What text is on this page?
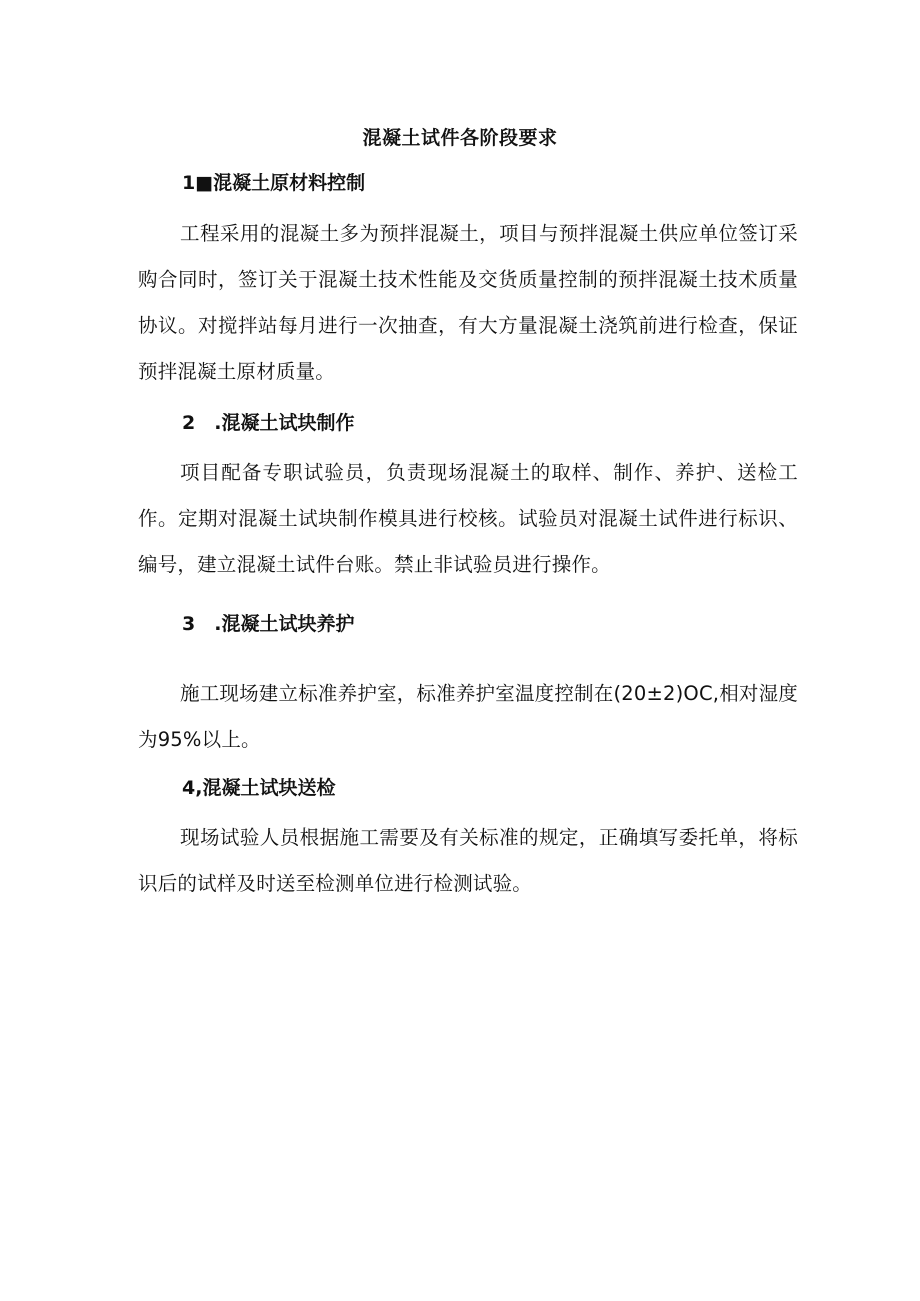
混凝土试件各阶段要求
1■混凝土原材料控制
工程采用的混凝土多为预拌混凝土，项目与预拌混凝土供应单位签订采购合同时，签订关于混凝土技术性能及交货质量控制的预拌混凝土技术质量协议。对搅拌站每月进行一次抽查，有大方量混凝土浇筑前进行检查，保证预拌混凝土原材质量。
2　.混凝土试块制作
项目配备专职试验员，负责现场混凝土的取样、制作、养护、送检工作。定期对混凝土试块制作模具进行校核。试验员对混凝土试件进行标识、编号，建立混凝土试件台账。禁止非试验员进行操作。
3　.混凝土试块养护
施工现场建立标准养护室，标准养护室温度控制在(20±2)OC,相对湿度为95%以上。
4,混凝土试块送检
现场试验人员根据施工需要及有关标准的规定，正确填写委托单，将标识后的试样及时送至检测单位进行检测试验。
